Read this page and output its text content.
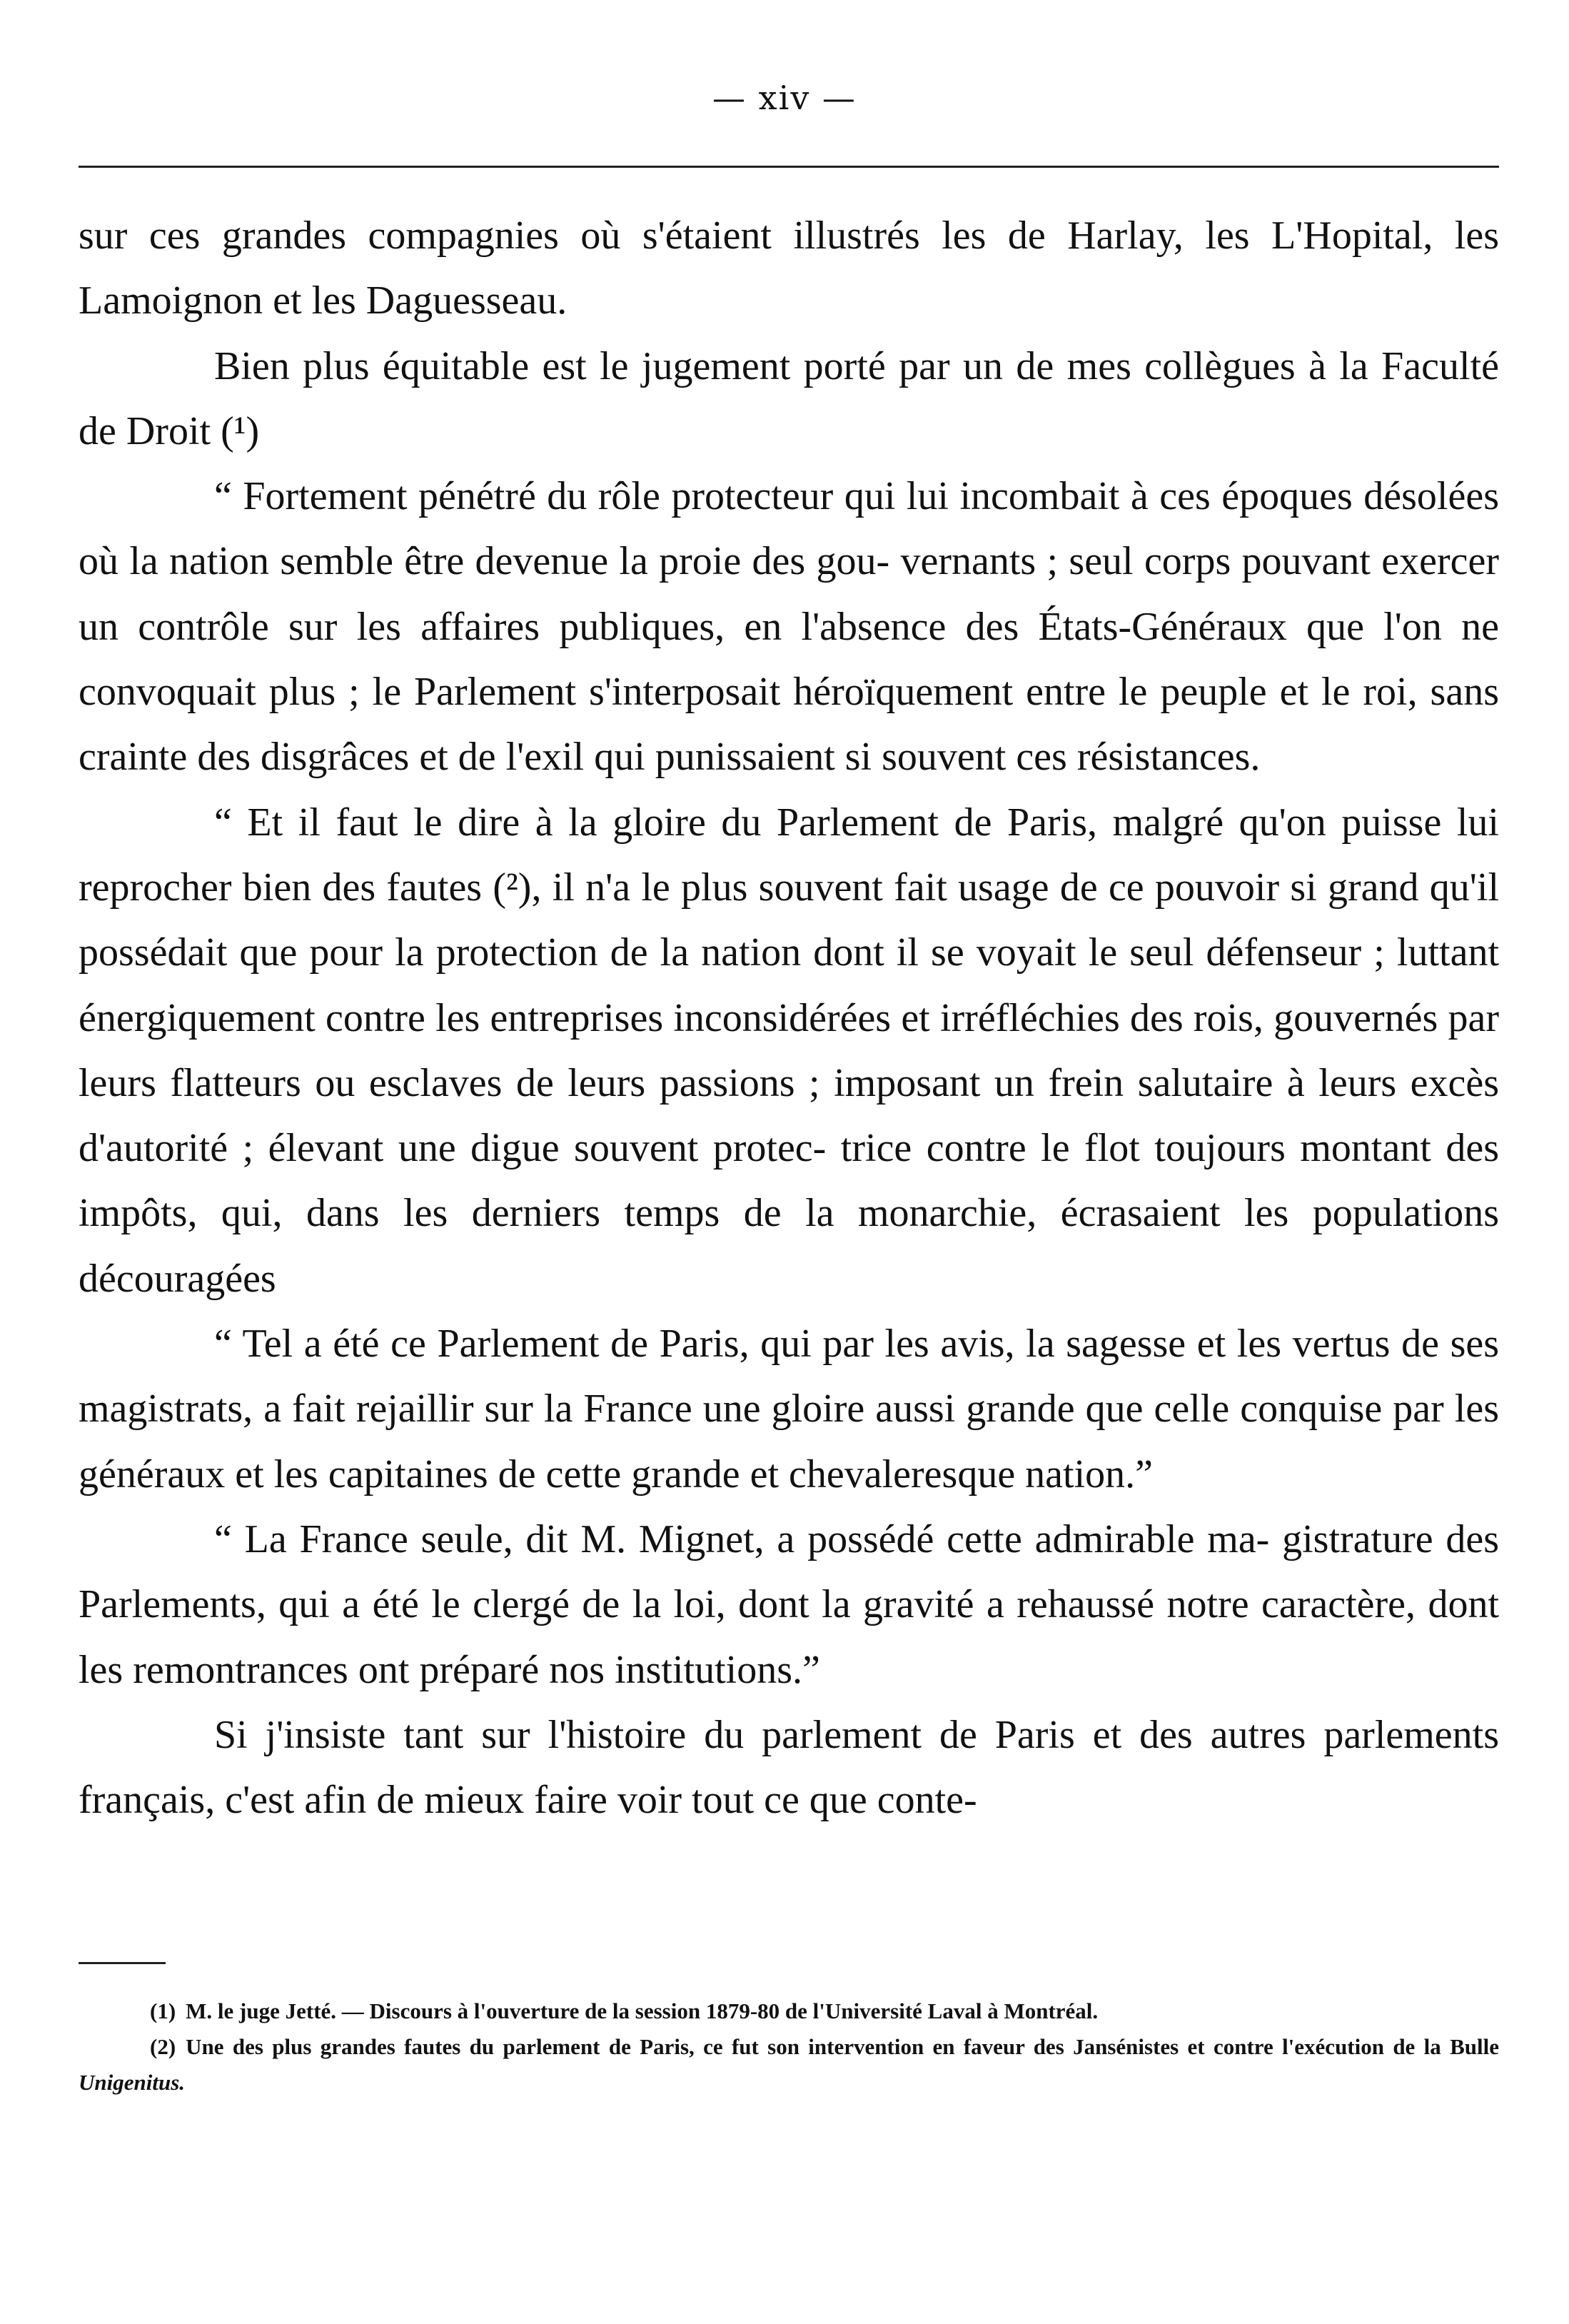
— xiv —

sur ces grandes compagnies où s'étaient illustrés les de Harlay, les L'Hopital, les Lamoignon et les Daguesseau.

Bien plus équitable est le jugement porté par un de mes collègues à la Faculté de Droit (¹)

“ Fortement pénétré du rôle protecteur qui lui incombait à ces époques désolées où la nation semble être devenue la proie des gou- vernants ; seul corps pouvant exercer un contrôle sur les affaires publiques, en l'absence des États-Généraux que l'on ne convoquait plus ; le Parlement s'interposait héroïquement entre le peuple et le roi, sans crainte des disgrâces et de l'exil qui punissaient si souvent ces résistances.

“ Et il faut le dire à la gloire du Parlement de Paris, malgré qu'on puisse lui reprocher bien des fautes (²), il n'a le plus souvent fait usage de ce pouvoir si grand qu'il possédait que pour la protection de la nation dont il se voyait le seul défenseur ; luttant énergiquement contre les entreprises inconsidérées et irréfléchies des rois, gouvernés par leurs flatteurs ou esclaves de leurs passions ; imposant un frein salutaire à leurs excès d'autorité ; élevant une digue souvent protec- trice contre le flot toujours montant des impôts, qui, dans les derniers temps de la monarchie, écrasaient les populations découragées

“ Tel a été ce Parlement de Paris, qui par les avis, la sagesse et les vertus de ses magistrats, a fait rejaillir sur la France une gloire aussi grande que celle conquise par les généraux et les capitaines de cette grande et chevaleresque nation.”

“ La France seule, dit M. Mignet, a possédé cette admirable ma- gistrature des Parlements, qui a été le clergé de la loi, dont la gravité a rehaussé notre caractère, dont les remontrances ont préparé nos institutions.”

Si j'insiste tant sur l'histoire du parlement de Paris et des autres parlements français, c'est afin de mieux faire voir tout ce que conte-

(1) M. le juge Jetté. — Discours à l'ouverture de la session 1879-80 de l'Université Laval à Montréal.

(2) Une des plus grandes fautes du parlement de Paris, ce fut son intervention en faveur des Jansénistes et contre l'exécution de la Bulle Unigenitus.
